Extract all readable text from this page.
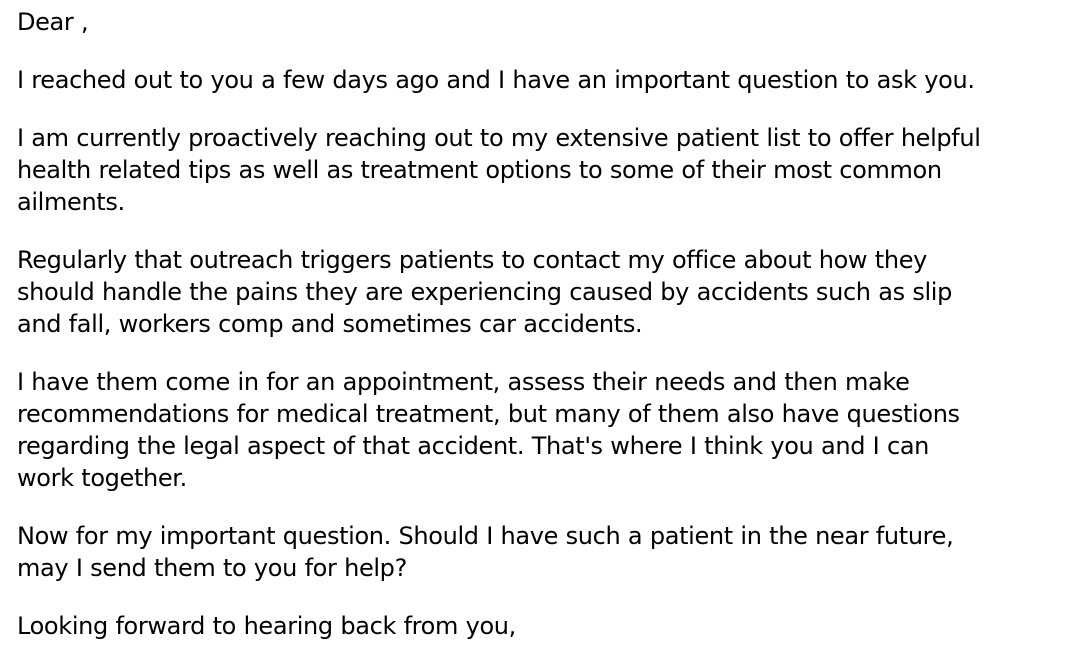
Dear ,

I reached out to you a few days ago and I have an important question to ask you.

I am currently proactively reaching out to my extensive patient list to offer helpful
health related tips as well as treatment options to some of their most common
ailments.

Regularly that outreach triggers patients to contact my office about how they
should handle the pains they are experiencing caused by accidents such as slip
and fall, workers comp and sometimes car accidents.

I have them come in for an appointment, assess their needs and then make
recommendations for medical treatment, but many of them also have questions
regarding the legal aspect of that accident. That's where I think you and I can
work together.

Now for my important question. Should I have such a patient in the near future,
may I send them to you for help?

Looking forward to hearing back from you,
